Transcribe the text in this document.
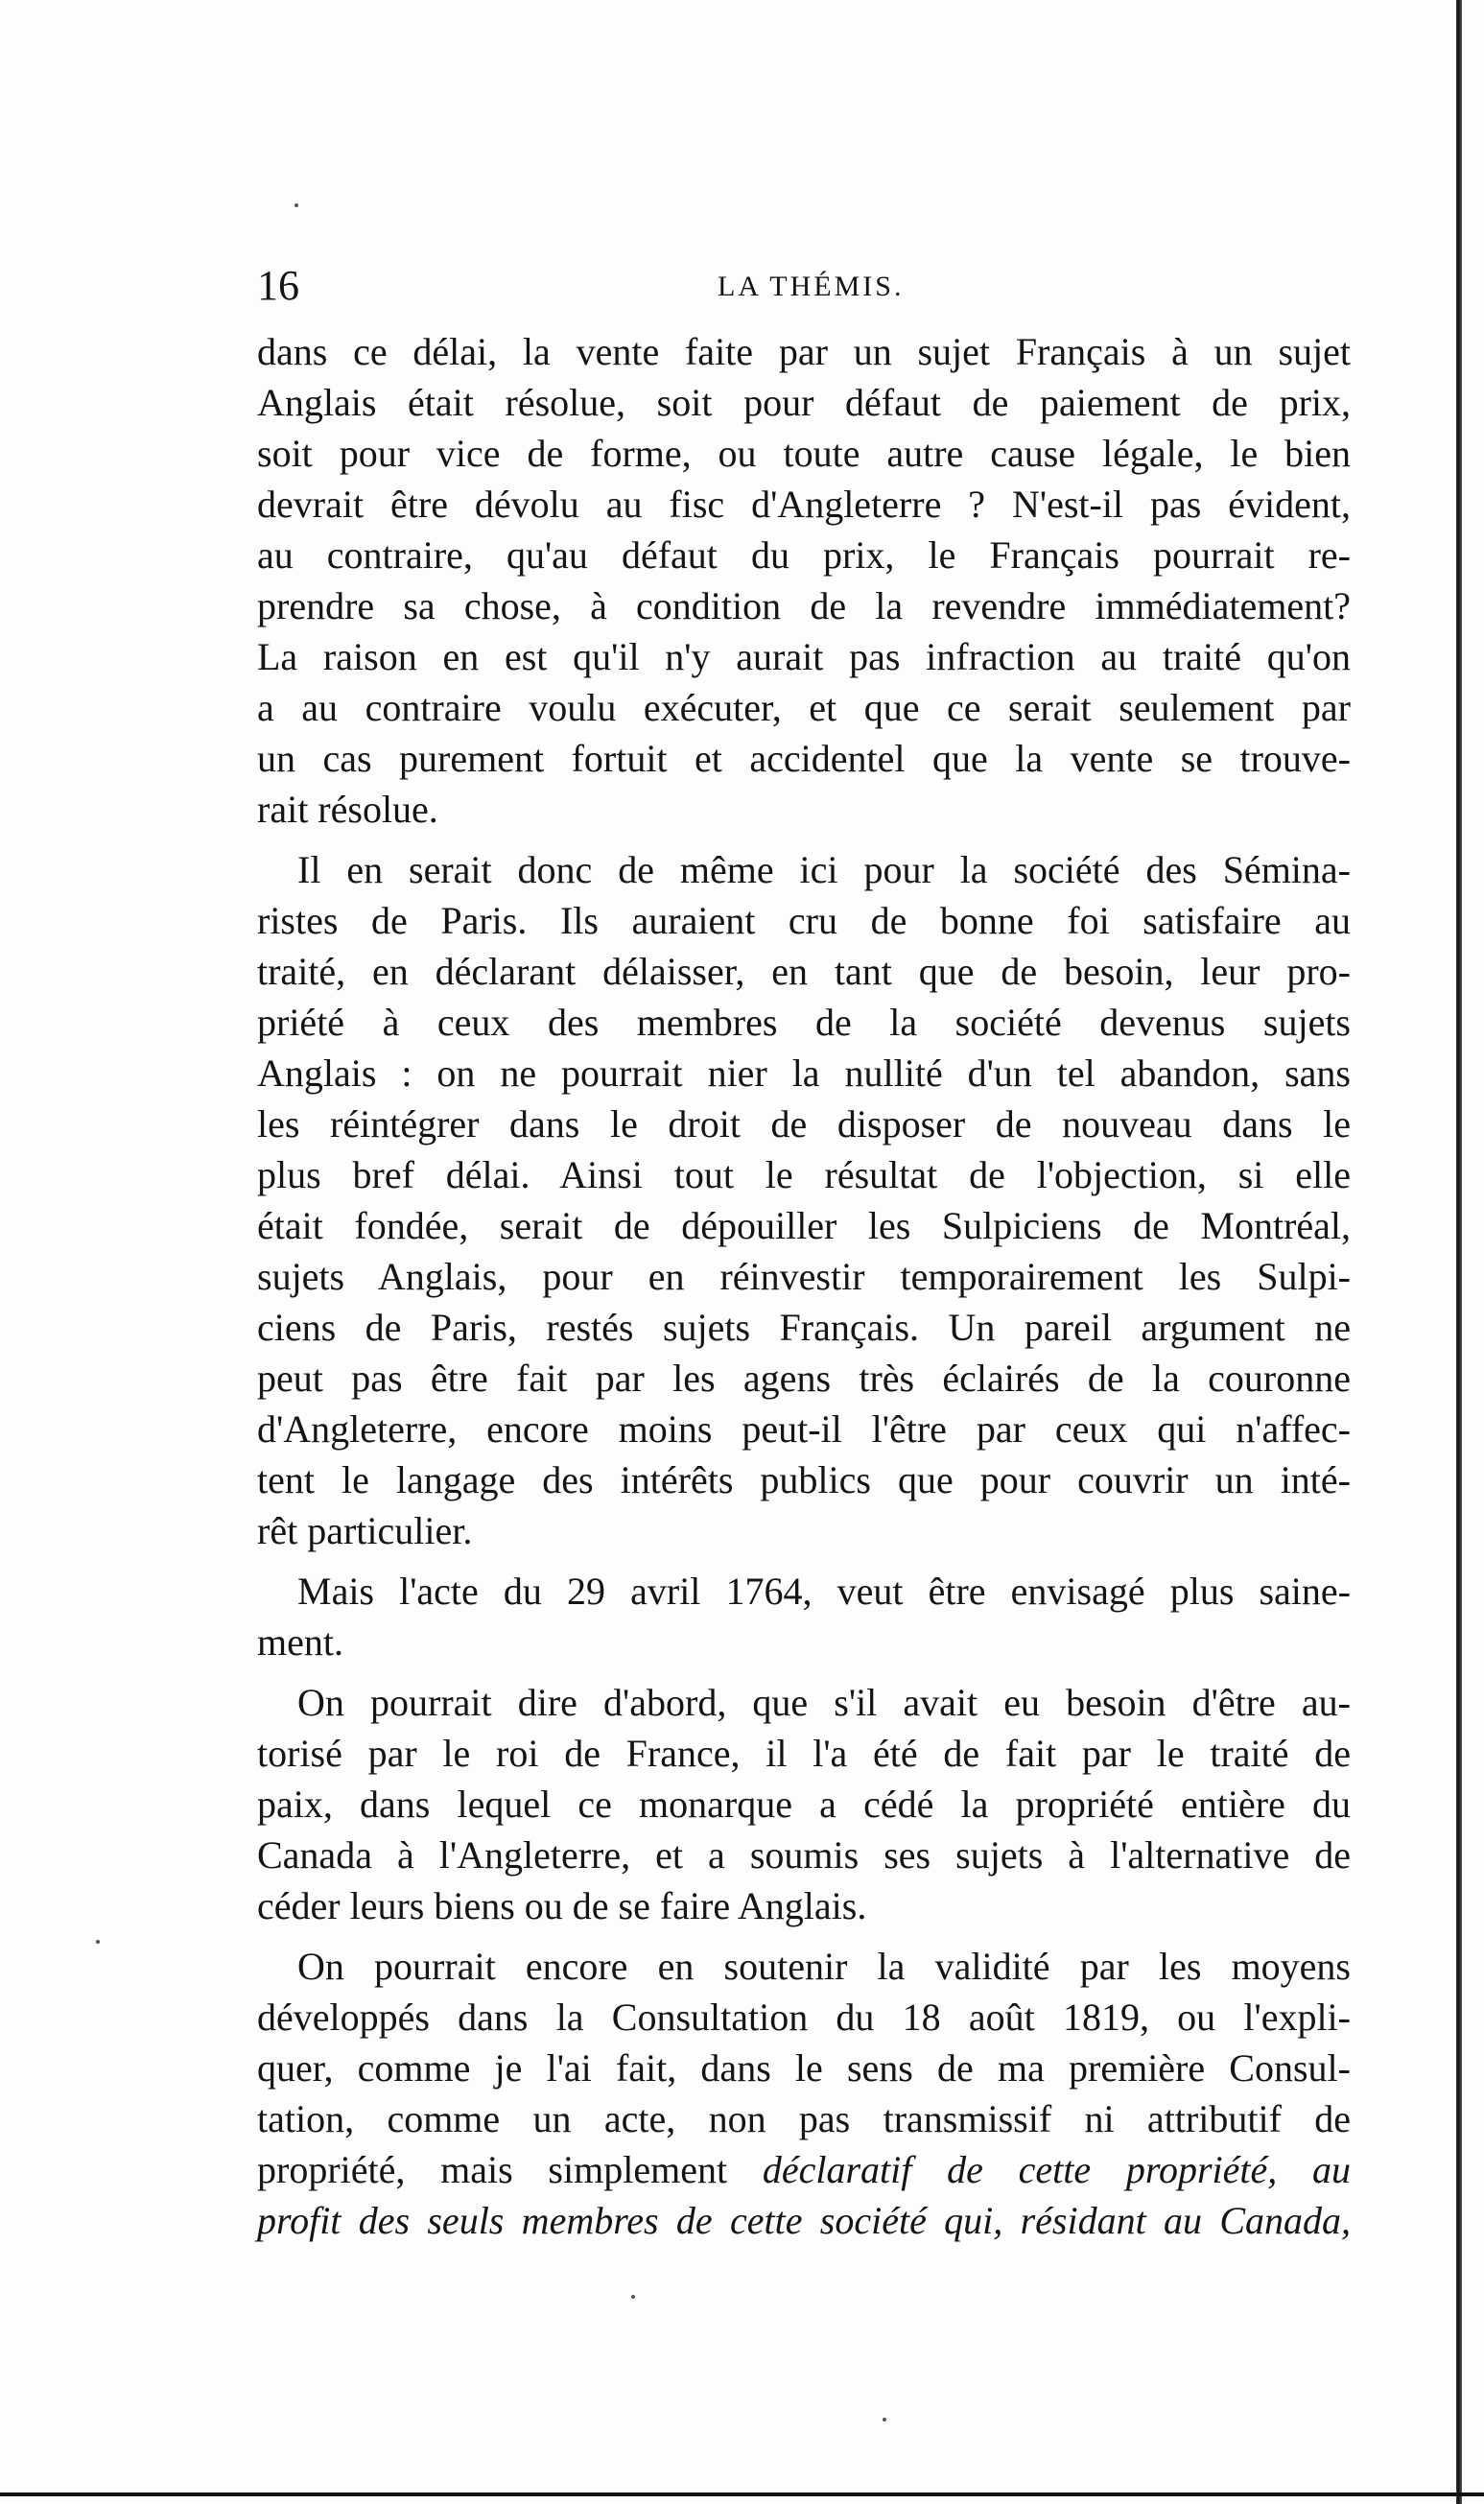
16	LA THÉMIS.
dans ce délai, la vente faite par un sujet Français à un sujet
Anglais était résolue, soit pour défaut de paiement de prix,
soit pour vice de forme, ou toute autre cause légale, le bien
devrait être dévolu au fisc d'Angleterre ? N'est-il pas évident,
au contraire, qu'au défaut du prix, le Français pourrait re-
prendre sa chose, à condition de la revendre immédiatement?
La raison en est qu'il n'y aurait pas infraction au traité qu'on
a au contraire voulu exécuter, et que ce serait seulement par
un cas purement fortuit et accidentel que la vente se trouve-
rait résolue.
Il en serait donc de même ici pour la société des Sémina-
ristes de Paris. Ils auraient cru de bonne foi satisfaire au
traité, en déclarant délaisser, en tant que de besoin, leur pro-
priété à ceux des membres de la société devenus sujets
Anglais : on ne pourrait nier la nullité d'un tel abandon, sans
les réintégrer dans le droit de disposer de nouveau dans le
plus bref délai. Ainsi tout le résultat de l'objection, si elle
était fondée, serait de dépouiller les Sulpiciens de Montréal,
sujets Anglais, pour en réinvestir temporairement les Sulpi-
ciens de Paris, restés sujets Français. Un pareil argument ne
peut pas être fait par les agens très éclairés de la couronne
d'Angleterre, encore moins peut-il l'être par ceux qui n'affec-
tent le langage des intérêts publics que pour couvrir un inté-
rêt particulier.
Mais l'acte du 29 avril 1764, veut être envisagé plus saine-
ment.
On pourrait dire d'abord, que s'il avait eu besoin d'être au-
torisé par le roi de France, il l'a été de fait par le traité de
paix, dans lequel ce monarque a cédé la propriété entière du
Canada à l'Angleterre, et a soumis ses sujets à l'alternative de
céder leurs biens ou de se faire Anglais.
On pourrait encore en soutenir la validité par les moyens
développés dans la Consultation du 18 août 1819, ou l'expli-
quer, comme je l'ai fait, dans le sens de ma première Consul-
tation, comme un acte, non pas transmissif ni attributif de
propriété, mais simplement déclaratif de cette propriété, au
profit des seuls membres de cette société qui, résidant au Canada,
